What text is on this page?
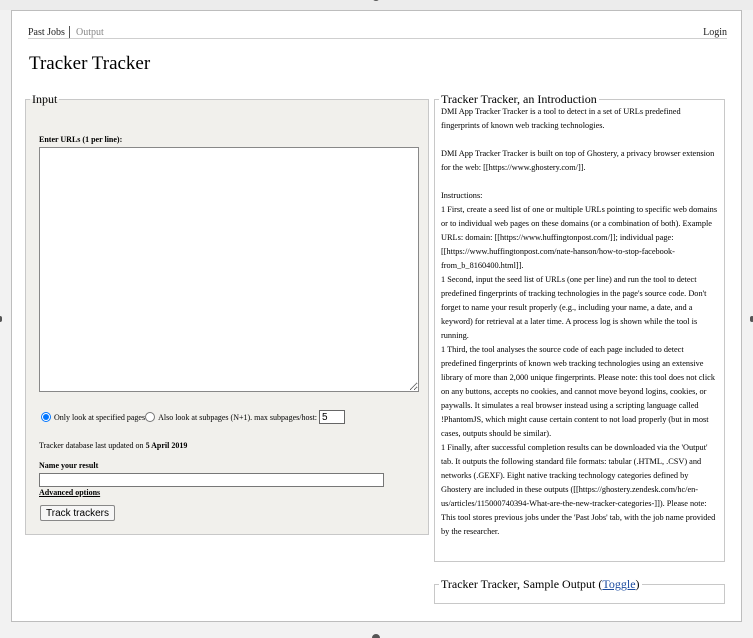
Past Jobs Output	Login
Tracker Tracker
Input
Enter URLs (1 per line):
Only look at specified pages Also look at subpages (N+1). max subpages/host:
5
Tracker database last updated on 5 April 2019
Name your result
Advanced options
Track trackers
Tracker Tracker, an Introduction

DMI App Tracker Tracker is a tool to detect in a set of URLs predefined fingerprints of known web tracking technologies.

DMI App Tracker Tracker is built on top of Ghostery, a privacy browser extension for the web: [[https://www.ghostery.com/]].

Instructions:

1 First, create a seed list of one or multiple URLs pointing to specific web domains or to individual web pages on these domains (or a combination of both). Example URLs: domain: [[https://www.huffingtonpost.com/]]; individual page: [[https://www.huffingtonpost.com/nate-hanson/how-to-stop-facebook-from_b_8160400.html]].

1 Second, input the seed list of URLs (one per line) and run the tool to detect predefined fingerprints of tracking technologies in the page's source code. Don't forget to name your result properly (e.g., including your name, a date, and a keyword) for retrieval at a later time. A process log is shown while the tool is running.

1 Third, the tool analyses the source code of each page included to detect predefined fingerprints of known web tracking technologies using an extensive library of more than 2,000 unique fingerprints. Please note: this tool does not click on any buttons, accepts no cookies, and cannot move beyond logins, cookies, or paywalls. It simulates a real browser instead using a scripting language called !PhantomJS, which might cause certain content to not load properly (but in most cases, outputs should be similar).

1 Finally, after successful completion results can be downloaded via the 'Output' tab. It outputs the following standard file formats: tabular (.HTML, .CSV) and networks (.GEXF). Eight native tracking technology categories defined by Ghostery are included in these outputs ([[https://ghostery.zendesk.com/hc/en-us/articles/115000740394-What-are-the-new-tracker-categories-]]). Please note: This tool stores previous jobs under the 'Past Jobs' tab, with the job name provided by the researcher.

Tracker Tracker, Sample Output (Toggle)
